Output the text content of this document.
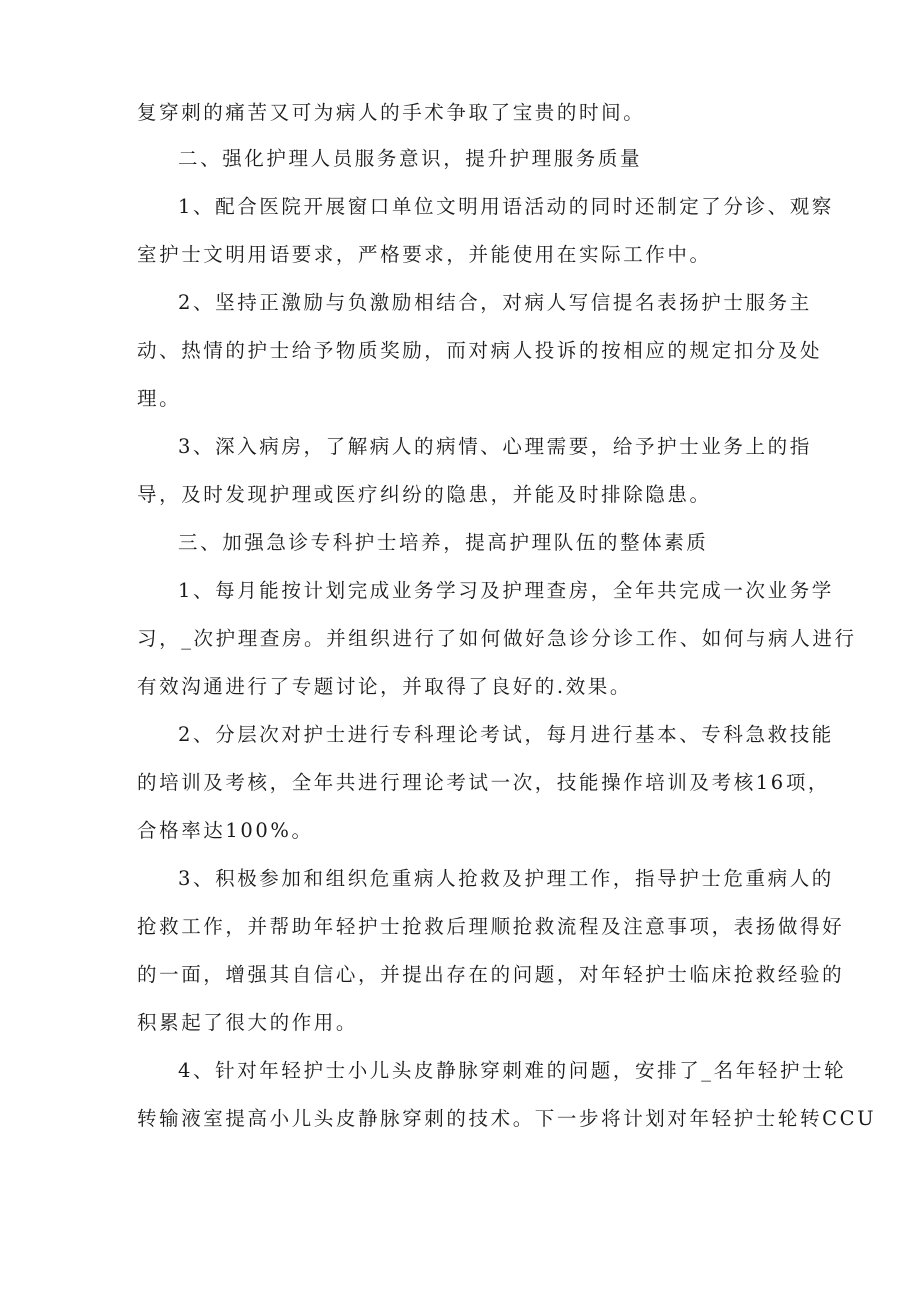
复穿刺的痛苦又可为病人的手术争取了宝贵的时间。
二、强化护理人员服务意识，提升护理服务质量
1、配合医院开展窗口单位文明用语活动的同时还制定了分诊、观察
室护士文明用语要求，严格要求，并能使用在实际工作中。
2、坚持正激励与负激励相结合，对病人写信提名表扬护士服务主
动、热情的护士给予物质奖励，而对病人投诉的按相应的规定扣分及处
理。
3、深入病房，了解病人的病情、心理需要，给予护士业务上的指
导，及时发现护理或医疗纠纷的隐患，并能及时排除隐患。
三、加强急诊专科护士培养，提高护理队伍的整体素质
1、每月能按计划完成业务学习及护理查房，全年共完成一次业务学
习，_次护理查房。并组织进行了如何做好急诊分诊工作、如何与病人进行
有效沟通进行了专题讨论，并取得了良好的.效果。
2、分层次对护士进行专科理论考试，每月进行基本、专科急救技能
的培训及考核，全年共进行理论考试一次，技能操作培训及考核16项，
合格率达100%。
3、积极参加和组织危重病人抢救及护理工作，指导护士危重病人的
抢救工作，并帮助年轻护士抢救后理顺抢救流程及注意事项，表扬做得好
的一面，增强其自信心，并提出存在的问题，对年轻护士临床抢救经验的
积累起了很大的作用。
4、针对年轻护士小儿头皮静脉穿刺难的问题，安排了_名年轻护士轮
转输液室提高小儿头皮静脉穿刺的技术。下一步将计划对年轻护士轮转CCU
